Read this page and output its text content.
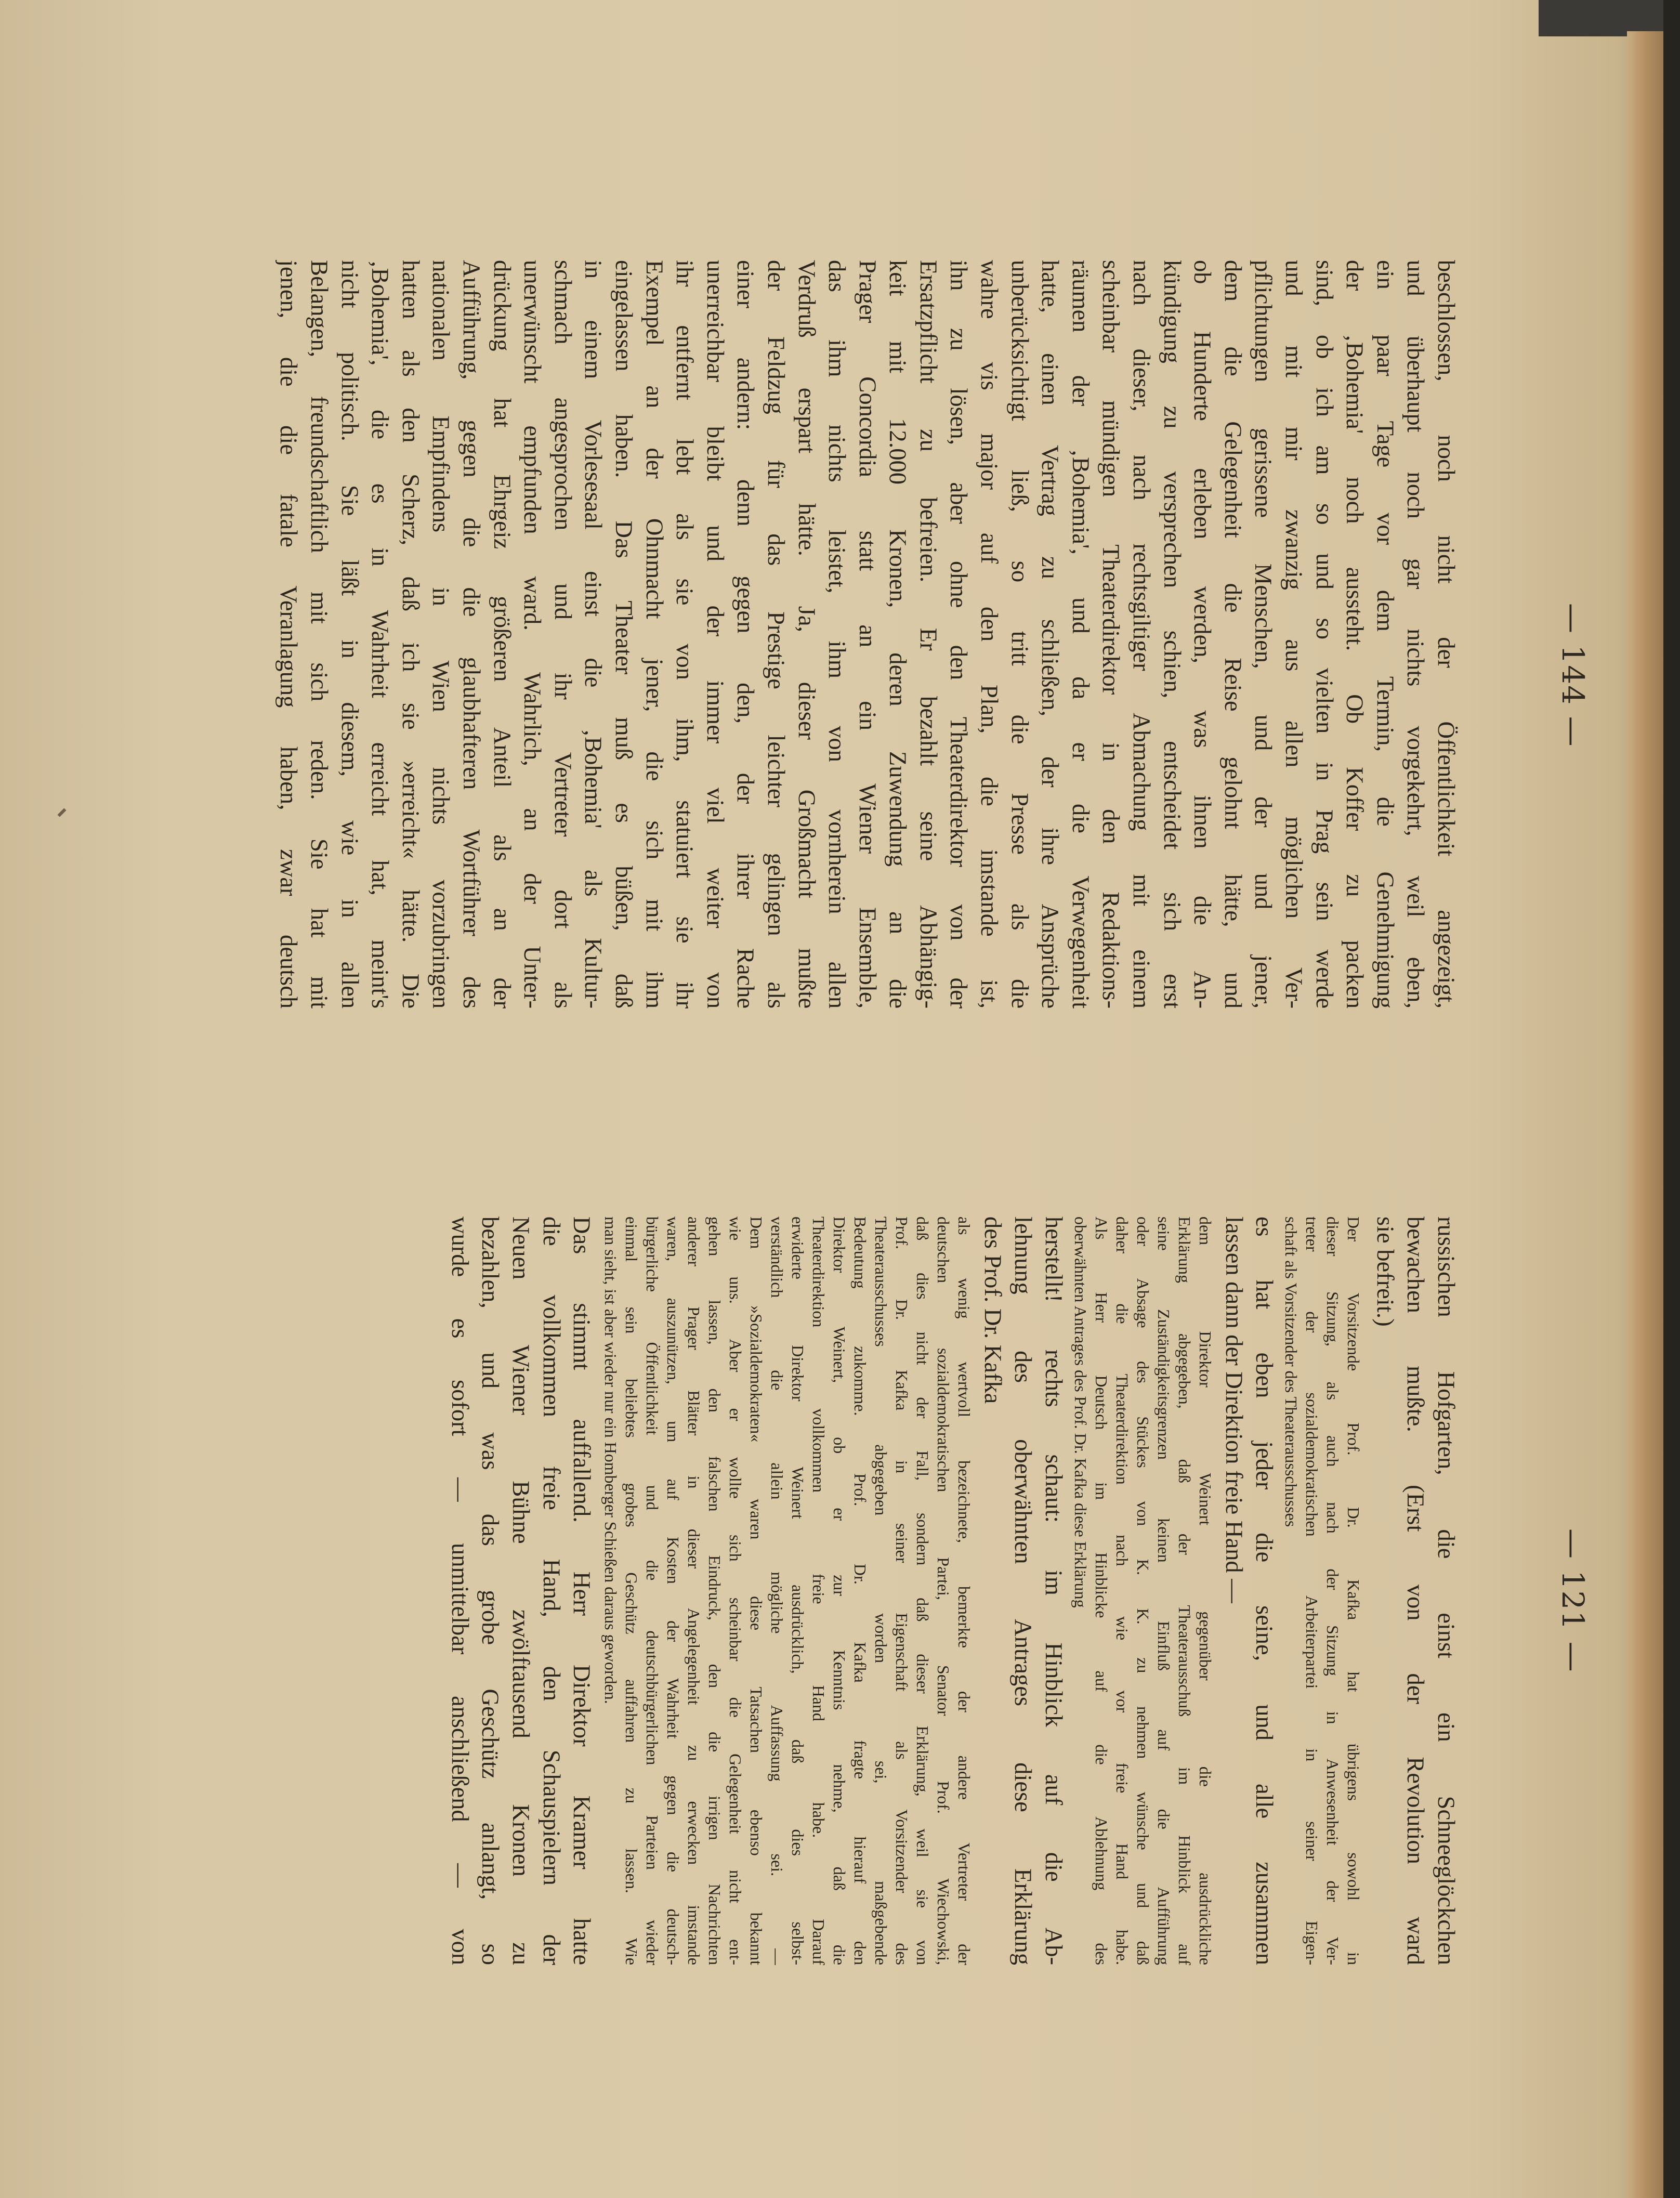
— 144 —
beschlossen, noch nicht der Öffentlichkeit angezeigt,
und überhaupt noch gar nichts vorgekehrt, weil eben,
ein paar Tage vor dem Termin, die Genehmigung
der ‚Bohemia' noch aussteht. Ob Koffer zu packen
sind, ob ich am so und so vielten in Prag sein werde
und mit mir zwanzig aus allen möglichen Ver-
pflichtungen gerissene Menschen, und der und jener,
dem die Gelegenheit die Reise gelohnt hätte, und
ob Hunderte erleben werden, was ihnen die An-
kündigung zu versprechen schien, entscheidet sich erst
nach dieser, nach rechtsgiltiger Abmachung mit einem
scheinbar mündigen Theaterdirektor in den Redaktions-
räumen der ‚Bohemia', und da er die Verwegenheit
hatte, einen Vertrag zu schließen, der ihre Ansprüche
unberücksichtigt ließ, so tritt die Presse als die
wahre vis major auf den Plan, die imstande ist,
ihn zu lösen, aber ohne den Theaterdirektor von der
Ersatzpflicht zu befreien. Er bezahlt seine Abhängig-
keit mit 12.000 Kronen, deren Zuwendung an die
Prager Concordia statt an ein Wiener Ensemble,
das ihm nichts leistet, ihm von vornherein allen
Verdruß erspart hätte. Ja, dieser Großmacht mußte
der Feldzug für das Prestige leichter gelingen als
einer andern: denn gegen den, der ihrer Rache
unerreichbar bleibt und der immer viel weiter von
ihr entfernt lebt als sie von ihm, statuiert sie ihr
Exempel an der Ohnmacht jener, die sich mit ihm
eingelassen haben. Das Theater muß es büßen, daß
in einem Vorlesesaal einst die ‚Bohemia' als Kultur-
schmach angesprochen und ihr Vertreter dort als
unerwünscht empfunden ward. Wahrlich, an der Unter-
drückung hat Ehrgeiz größeren Anteil als an der
Aufführung, gegen die die glaubhafteren Wortführer des
nationalen Empfindens in Wien nichts vorzubringen
hatten als den Scherz, daß ich sie »erreicht« hätte. Die
‚Bohemia', die es in Wahrheit erreicht hat, meint's
nicht politisch. Sie läßt in diesem, wie in allen
Belangen, freundschaftlich mit sich reden. Sie hat mit
jenen, die die fatale Veranlagung haben, zwar deutsch
— 121 —
russischen Hofgarten, die einst ein Schneeglöckchen
bewachen mußte. (Erst von der Revolution ward
sie befreit.)
Der Vorsitzende Prof. Dr. Kafka hat übrigens sowohl in
dieser Sitzung, als auch nach der Sitzung in Anwesenheit der Ver-
treter der sozialdemokratischen Arbeiterpartei in seiner Eigen-
schaft als Vorsitzender des Theaterausschusses
es hat eben jeder die seine, und alle zusammen
lassen dann der Direktion freie Hand —
dem Direktor Weinert gegenüber die ausdrückliche
Erklärung abgegeben, daß der Theaterausschuß im Hinblick auf
seine Zuständigkeitsgrenzen keinen Einfluß auf die Aufführung
oder Absage des Stückes von K. K. zu nehmen wünsche und daß
daher die Theaterdirektion nach wie vor freie Hand habe.
Als Herr Deutsch im Hinblicke auf die Ablehnung des
oberwähnten Antrages des Prof. Dr. Kafka diese Erklärung
herstellt! rechts schaut: im Hinblick auf die Ab-
lehnung des oberwähnten Antrages diese Erklärung
des Prof. Dr. Kafka
als wenig wertvoll bezeichnete, bemerkte der andere Vertreter der
deutschen sozialdemokratischen Partei, Senator Prof. Wiechowski,
daß dies nicht der Fall, sondern daß dieser Erklärung, weil sie von
Prof. Dr. Kafka in seiner Eigenschaft als Vorsitzender des
Theaterausschusses abgegeben worden sei, maßgebende
Bedeutung zukomme. Prof. Dr. Kafka fragte hierauf den
Direktor Weinert, ob er zur Kenntnis nehme, daß die
Theaterdirektion vollkommen freie Hand habe. Darauf
erwiderte Direktor Weinert ausdrücklich, daß dies selbst-
verständlich die allein mögliche Auffassung sei. —
Dem »Sozialdemokraten« waren diese Tatsachen ebenso bekannt
wie uns. Aber er wollte sich scheinbar die Gelegenheit nicht ent-
gehen lassen, den falschen Eindruck, den die irrigen Nachrichten
anderer Prager Blätter in dieser Angelegenheit zu erwecken imstande
waren, auszunützen, um auf Kosten der Wahrheit gegen die deutsch-
bürgerliche Öffentlichkeit und die deutschbürgerlichen Parteien wieder
einmal sein beliebtes grobes Geschütz auffahren zu lassen. Wie
man sieht, ist aber wieder nur ein Homberger Schießen daraus geworden.
Das stimmt auffallend. Herr Direktor Kramer hatte
die vollkommen freie Hand, den Schauspielern der
Neuen Wiener Bühne zwölftausend Kronen zu
bezahlen, und was das grobe Geschütz anlangt, so
wurde es sofort — unmittelbar anschließend — von
